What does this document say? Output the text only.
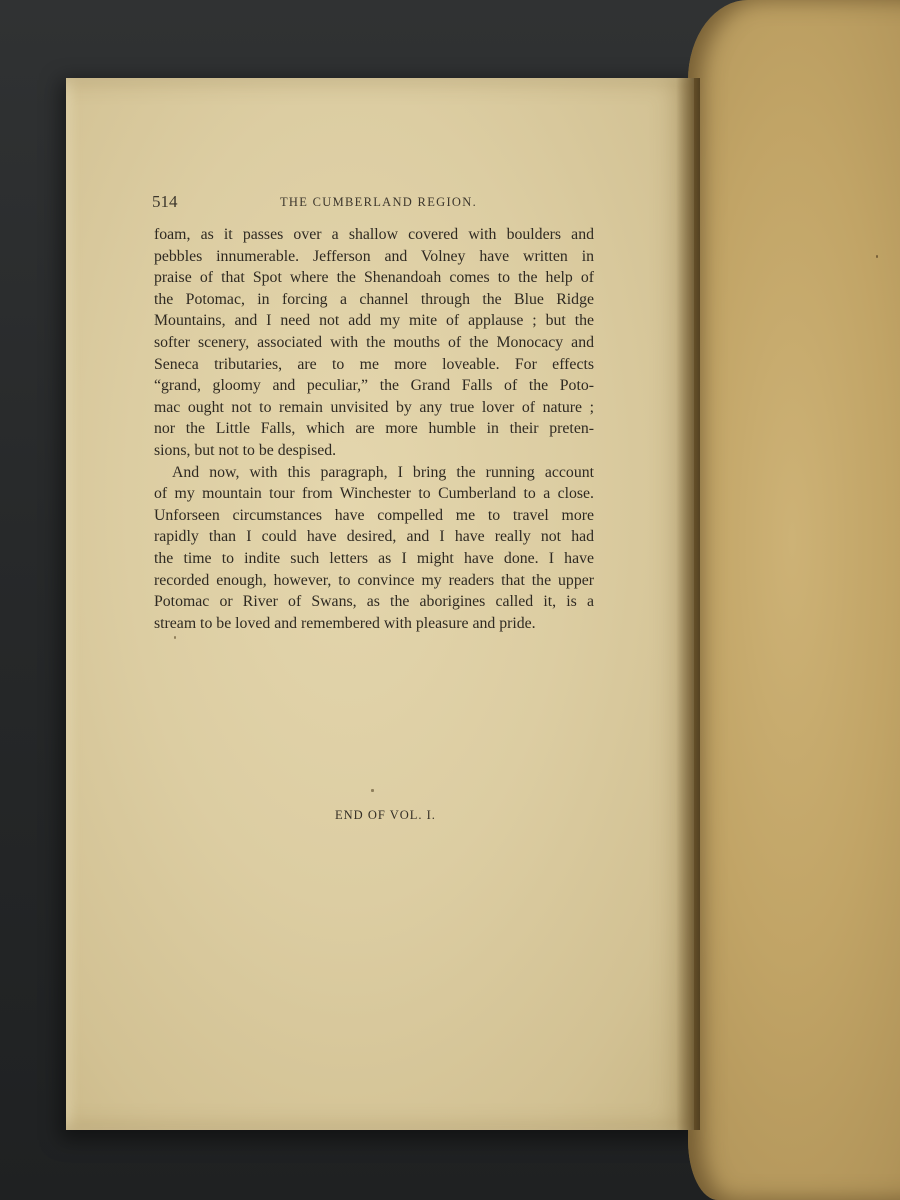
514	THE CUMBERLAND REGION.
foam, as it passes over a shallow covered with boulders and
pebbles innumerable. Jefferson and Volney have written in
praise of that Spot where the Shenandoah comes to the help of
the Potomac, in forcing a channel through the Blue Ridge
Mountains, and I need not add my mite of applause ; but the
softer scenery, associated with the mouths of the Monocacy and
Seneca tributaries, are to me more loveable. For effects
“grand, gloomy and peculiar,” the Grand Falls of the Poto-
mac ought not to remain unvisited by any true lover of nature ;
nor the Little Falls, which are more humble in their preten-
sions, but not to be despised.
And now, with this paragraph, I bring the running account
of my mountain tour from Winchester to Cumberland to a close.
Unforseen circumstances have compelled me to travel more
rapidly than I could have desired, and I have really not had
the time to indite such letters as I might have done. I have
recorded enough, however, to convince my readers that the upper
Potomac or River of Swans, as the aborigines called it, is a
stream to be loved and remembered with pleasure and pride.
END OF VOL. I.
